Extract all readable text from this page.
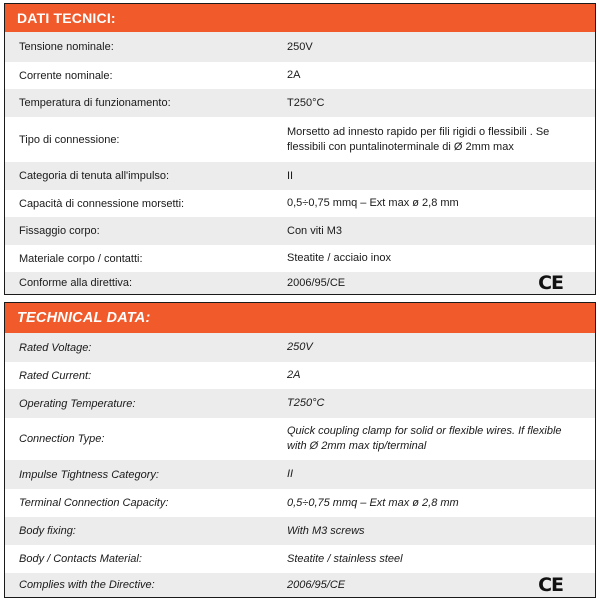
DATI TECNICI:
Tensione nominale:	250V
Corrente nominale:	2A
Temperatura di funzionamento:	T250°C
Tipo di connessione:
Morsetto ad innesto rapido per fili rigidi o flessibili . Se flessibili con puntalinoterminale di Ø 2mm max
Categoria di tenuta all'impulso:	II
Capacità di connessione morsetti:	0,5÷0,75 mmq – Ext max ø 2,8 mm
Fissaggio corpo:	Con viti M3
Materiale corpo / contatti:	Steatite / acciaio inox
Conforme alla direttiva:	2006/95/CE	CE
TECHNICAL DATA:
Rated Voltage:	250V
Rated Current:	2A
Operating Temperature:	T250°C
Connection Type:
Quick coupling clamp for solid or flexible wires. If flexible with Ø 2mm max tip/terminal
Impulse Tightness Category:	II
Terminal Connection Capacity:	0,5÷0,75 mmq – Ext max ø 2,8 mm
Body fixing:	With M3 screws
Body / Contacts Material:	Steatite / stainless steel
Complies with the Directive:	2006/95/CE	CE
